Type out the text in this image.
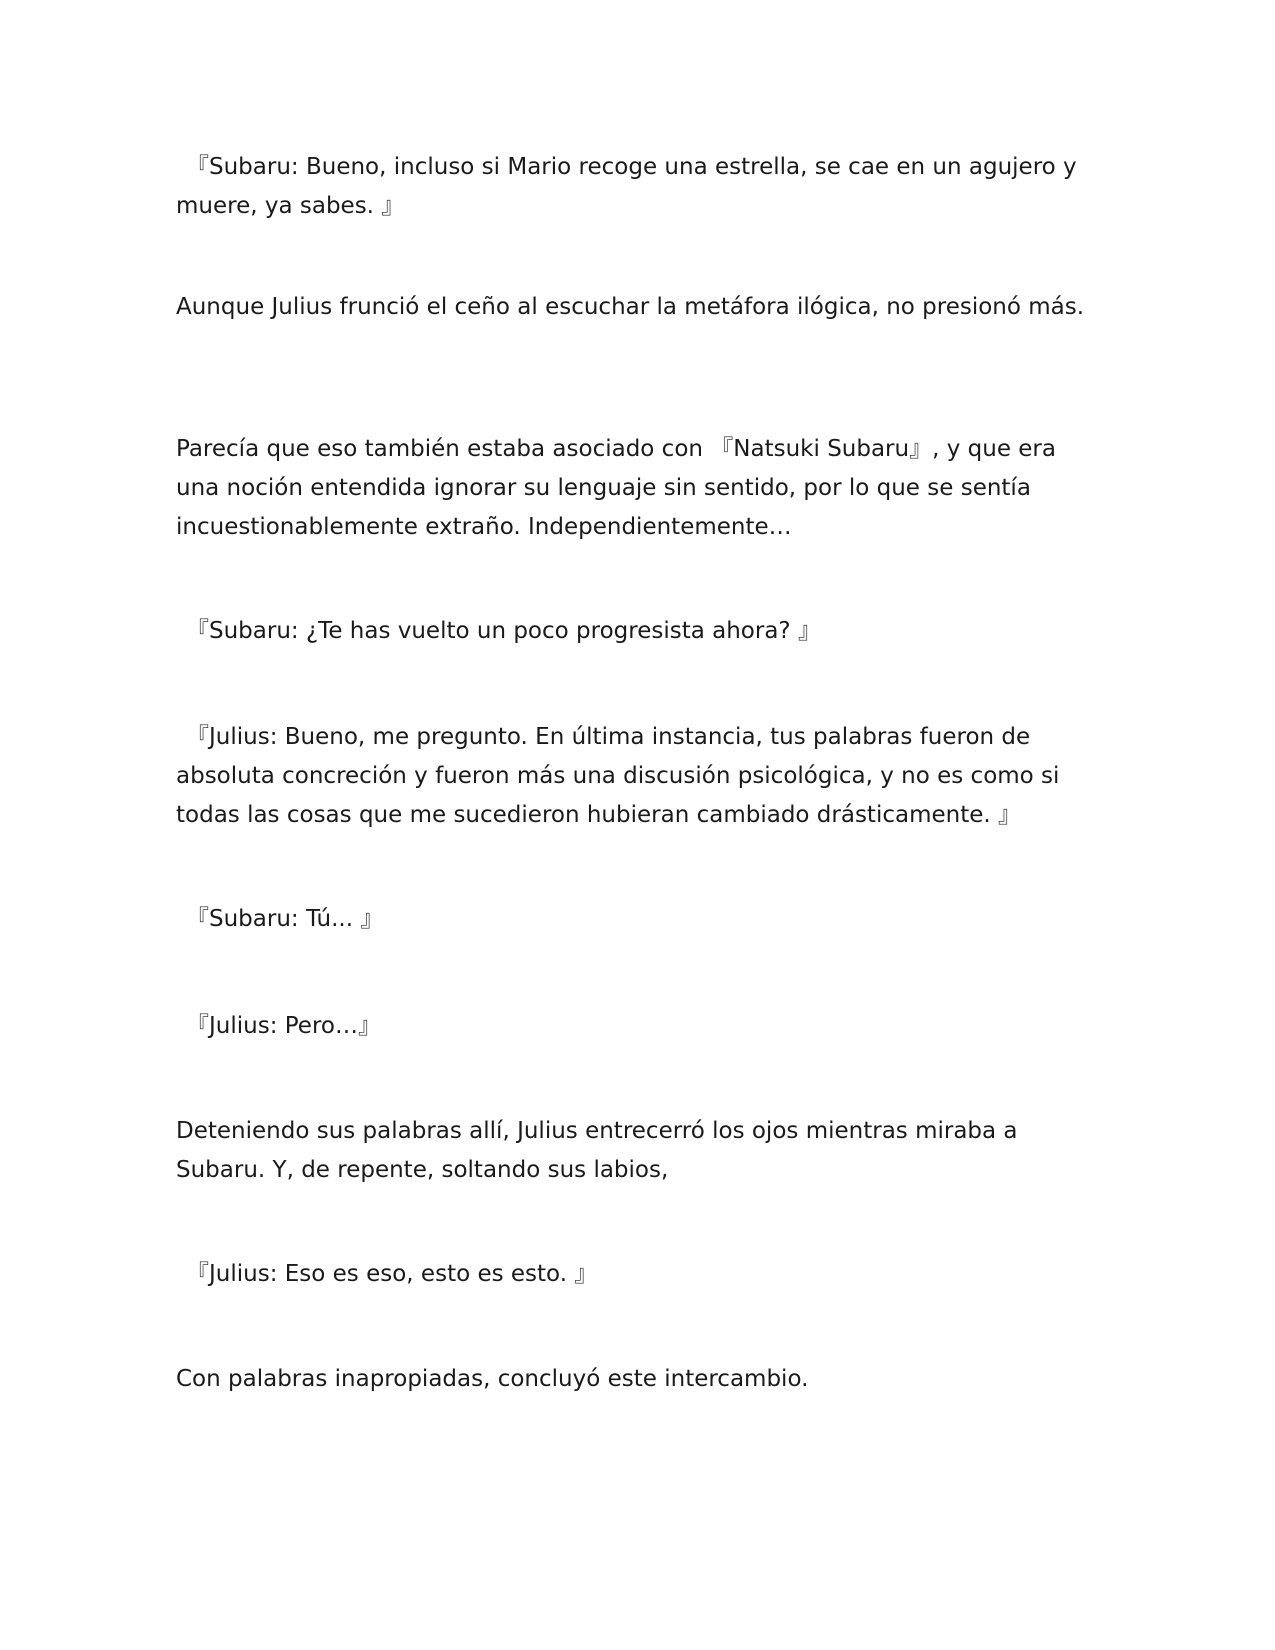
『Subaru: Bueno, incluso si Mario recoge una estrella, se cae en un agujero y muere, ya sabes. 』

Aunque Julius frunció el ceño al escuchar la metáfora ilógica, no presionó más.

Parecía que eso también estaba asociado con 『Natsuki Subaru』, y que era una noción entendida ignorar su lenguaje sin sentido, por lo que se sentía incuestionablemente extraño. Independientemente…

『Subaru: ¿Te has vuelto un poco progresista ahora? 』

『Julius: Bueno, me pregunto. En última instancia, tus palabras fueron de absoluta concreción y fueron más una discusión psicológica, y no es como si todas las cosas que me sucedieron hubieran cambiado drásticamente. 』

『Subaru: Tú... 』

『Julius: Pero…』

Deteniendo sus palabras allí, Julius entrecerró los ojos mientras miraba a Subaru. Y, de repente, soltando sus labios,

『Julius: Eso es eso, esto es esto. 』

Con palabras inapropiadas, concluyó este intercambio.
